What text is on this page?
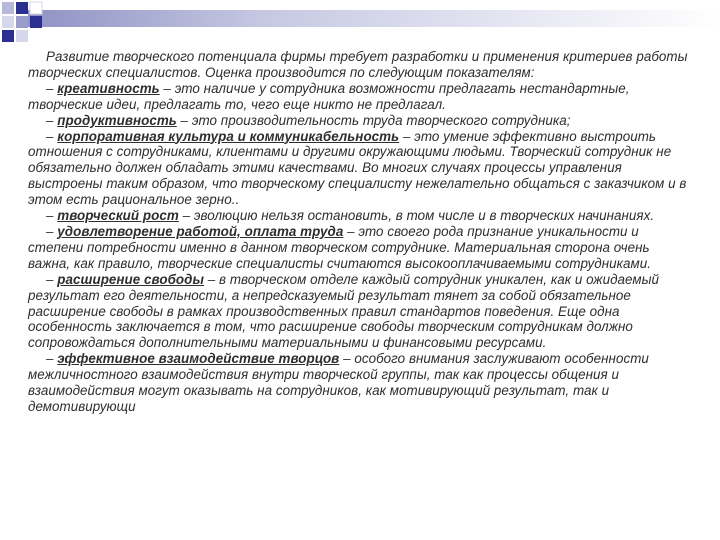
Развитие творческого потенциала фирмы требует разработки и применения критериев работы творческих специалистов. Оценка производится по следующим показателям:

– креативность – это наличие у сотрудника возможности предлагать нестандартные, творческие идеи, предлагать то, чего еще никто не предлагал.

– продуктивность – это производительность труда творческого сотрудника;

– корпоративная культура и коммуникабельность – это умение эффективно выстроить отношения с сотрудниками, клиентами и другими окружающими людьми. Творческий сотрудник не обязательно должен обладать этими качествами. Во многих случаях процессы управления выстроены таким образом, что творческому специалисту нежелательно общаться с заказчиком и в этом есть рациональное зерно..

– творческий рост – эволюцию нельзя остановить, в том числе и в творческих начинаниях.

– удовлетворение работой, оплата труда – это своего рода признание уникальности и степени потребности именно в данном творческом сотруднике. Материальная сторона очень важна, как правило, творческие специалисты считаются высокооплачиваемыми сотрудниками.

– расширение свободы – в творческом отделе каждый сотрудник уникален, как и ожидаемый результат его деятельности, а непредсказуемый результат тянет за собой обязательное расширение свободы в рамках производственных правил стандартов поведения. Еще одна особенность заключается в том, что расширение свободы творческим сотрудникам должно сопровождаться дополнительными материальными и финансовыми ресурсами.

– эффективное взаимодействие творцов – особого внимания заслуживают особенности межличностного взаимодействия внутри творческой группы, так как процессы общения и взаимодействия могут оказывать на сотрудников, как мотивирующий результат, так и демотивирующи
